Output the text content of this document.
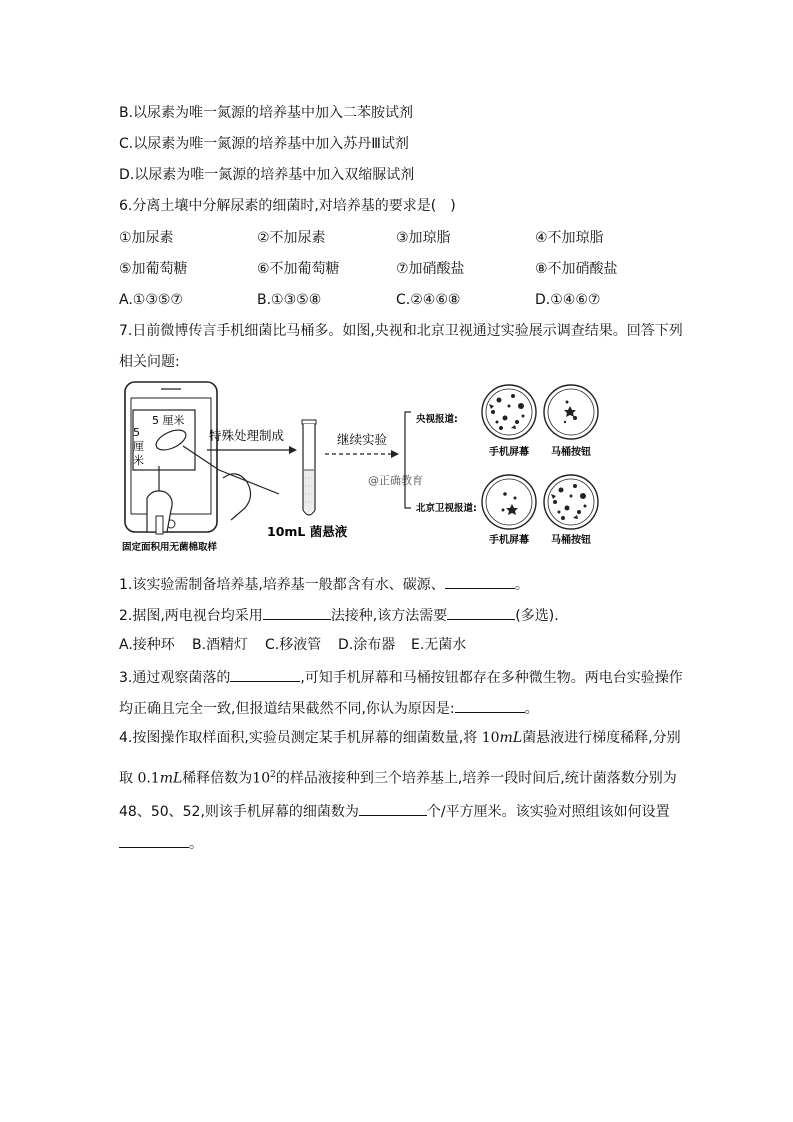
B.以尿素为唯一氮源的培养基中加入二苯胺试剂
C.以尿素为唯一氮源的培养基中加入苏丹Ⅲ试剂
D.以尿素为唯一氮源的培养基中加入双缩脲试剂
6.分离土壤中分解尿素的细菌时,对培养基的要求是(　)
①加尿素	②不加尿素	③加琼脂	④不加琼脂
⑤加葡萄糖	⑥不加葡萄糖	⑦加硝酸盐	⑧不加硝酸盐
A.①③⑤⑦	B.①③⑤⑧	C.②④⑥⑧	D.①④⑥⑦
7.日前微博传言手机细菌比马桶多。如图,央视和北京卫视通过实验展示调查结果。回答下列
相关问题:
5 厘米
5
厘
米
固定面积用无菌棉取样
特殊处理制成
10mL 菌悬液
继续实验
@正确教育
央视报道:
手机屏幕 马桶按钮
北京卫视报道:
手机屏幕 马桶按钮
1.该实验需制备培养基,培养基一般都含有水、碳源、	。
2.据图,两电视台均采用	法接种,该方法需要	(多选).
A.接种环 B.酒精灯 C.移液管 D.涂布器 E.无菌水
3.通过观察菌落的	,可知手机屏幕和马桶按钮都存在多种微生物。两电台实验操作
均正确且完全一致,但报道结果截然不同,你认为原因是:	。
4.按图操作取样面积,实验员测定某手机屏幕的细菌数量,将 10mL菌悬液进行梯度稀释,分别
取 0.1mL稀释倍数为$10^2$的样品液接种到三个培养基上,培养一段时间后,统计菌落数分别为
48、50、52,则该手机屏幕的细菌数为	个/平方厘米。该实验对照组该如何设置
。
